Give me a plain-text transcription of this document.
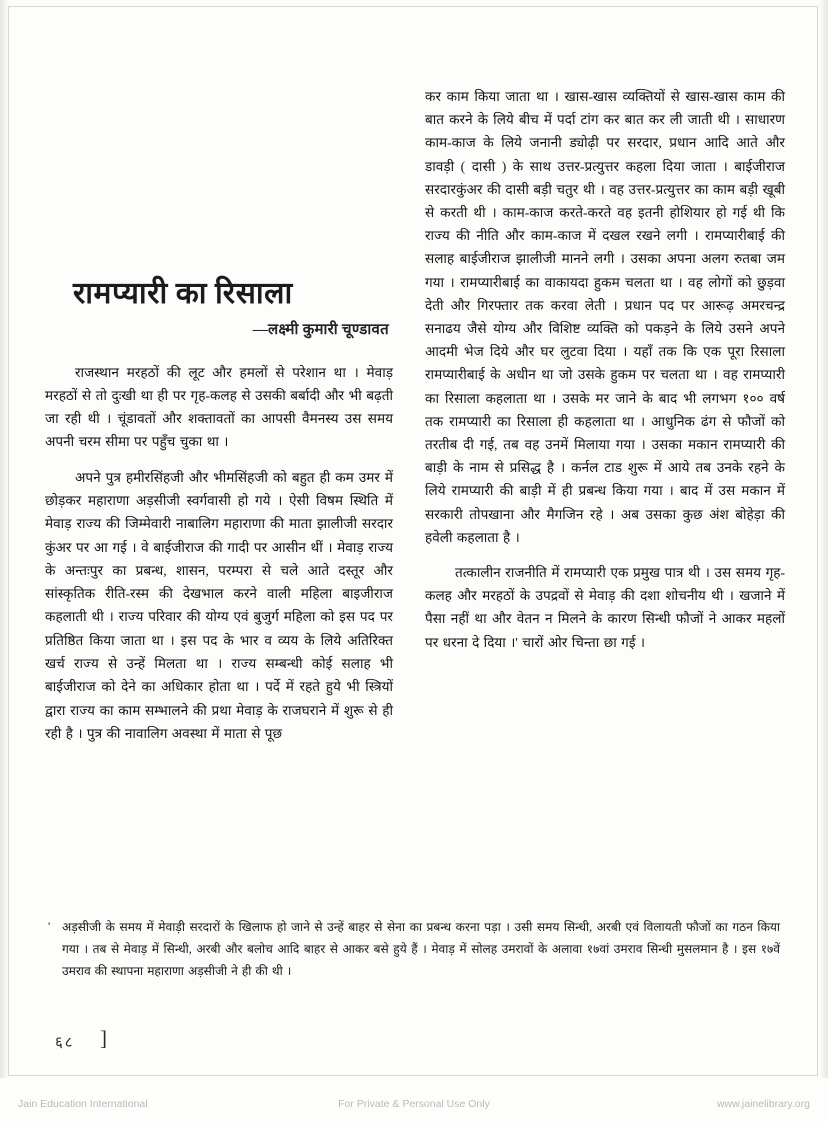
रामप्यारी का रिसाला
—लक्ष्मी कुमारी चूण्डावत

राजस्थान मरहठों की लूट और हमलों से परेशान था । मेवाड़ मरहठों से तो दुःखी था ही पर गृह-कलह से उसकी बर्बादी और भी बढ़ती जा रही थी । चूंडावतों और शक्तावतों का आपसी वैमनस्य उस समय अपनी चरम सीमा पर पहुँच चुका था ।

अपने पुत्र हमीरसिंहजी और भीमसिंहजी को बहुत ही कम उमर में छोड़कर महाराणा अड़सीजी स्वर्गवासी हो गये । ऐसी विषम स्थिति में मेवाड़ राज्य की जिम्मेवारी नाबालिग महाराणा की माता झालीजी सरदार कुंअर पर आ गई । वे बाईजीराज की गादी पर आसीन थीं । मेवाड़ राज्य के अन्तःपुर का प्रबन्ध, शासन, परम्परा से चले आते दस्तूर और सांस्कृतिक रीति-रस्म की देखभाल करने वाली महिला बाइजीराज कहलाती थी । राज्य परिवार की योग्य एवं बुजुर्ग महिला को इस पद पर प्रतिष्ठित किया जाता था । इस पद के भार व व्यय के लिये अतिरिक्त खर्च राज्य से उन्हें मिलता था । राज्य सम्बन्धी कोई सलाह भी बाईजीराज को देने का अधिकार होता था । पर्दे में रहते हुये भी स्त्रियों द्वारा राज्य का काम सम्भालने की प्रथा मेवाड़ के राजघराने में शुरू से ही रही है । पुत्र की नावालिग अवस्था में माता से पूछ

कर काम किया जाता था । खास-खास व्यक्तियों से खास-खास काम की बात करने के लिये बीच में पर्दा टांग कर बात कर ली जाती थी । साधारण काम-काज के लिये जनानी ड्योढ़ी पर सरदार, प्रधान आदि आते और डावड़ी ( दासी ) के साथ उत्तर-प्रत्युत्तर कहला दिया जाता । बाईजीराज सरदारकुंअर की दासी बड़ी चतुर थी । वह उत्तर-प्रत्युत्तर का काम बड़ी खूबी से करती थी । काम-काज करते-करते वह इतनी होशियार हो गई थी कि राज्य की नीति और काम-काज में दखल रखने लगी । रामप्यारीबाई की सलाह बाईजीराज झालीजी मानने लगी । उसका अपना अलग रुतबा जम गया । रामप्यारीबाई का वाकायदा हुकम चलता था । वह लोगों को छुड़वा देती और गिरफ्तार तक करवा लेती । प्रधान पद पर आरूढ़ अमरचन्द्र सनाढय जैसे योग्य और विशिष्ट व्यक्ति को पकड़ने के लिये उसने अपने आदमी भेज दिये और घर लुटवा दिया । यहाँ तक कि एक पूरा रिसाला रामप्यारीबाई के अधीन था जो उसके हुकम पर चलता था । वह रामप्यारी का रिसाला कहलाता था । उसके मर जाने के बाद भी लगभग १०० वर्ष तक रामप्यारी का रिसाला ही कहलाता था । आधुनिक ढंग से फौजों को तरतीब दी गई, तब वह उनमें मिलाया गया । उसका मकान रामप्यारी की बाड़ी के नाम से प्रसिद्ध है । कर्नल टाड शुरू में आये तब उनके रहने के लिये रामप्यारी की बाड़ी में ही प्रबन्ध किया गया । बाद में उस मकान में सरकारी तोपखाना और मैगजिन रहे । अब उसका कुछ अंश बोहेड़ा की हवेली कहलाता है ।

तत्कालीन राजनीति में रामप्यारी एक प्रमुख पात्र थी । उस समय गृह-कलह और मरहठों के उपद्रवों से मेवाड़ की दशा शोचनीय थी । खजाने में पैसा नहीं था और वेतन न मिलने के कारण सिन्धी फौजों ने आकर महलों पर धरना दे दिया ।' चारों ओर चिन्ता छा गई ।

' अड़सीजी के समय में मेवाड़ी सरदारों के खिलाफ हो जाने से उन्हें बाहर से सेना का प्रबन्ध करना पड़ा । उसी समय सिन्धी, अरबी एवं विलायती फौजों का गठन किया गया । तब से मेवाड़ में सिन्धी, अरबी और बलोच आदि बाहर से आकर बसे हुये हैं । मेवाड़ में सोलह उमरावों के अलावा १७वां उमराव सिन्धी मुसलमान है । इस १७वें उमराव की स्थापना महाराणा अड़सीजी ने ही की थी ।
६८ ]
Jain Education International	For Private & Personal Use Only	www.jainelibrary.org
